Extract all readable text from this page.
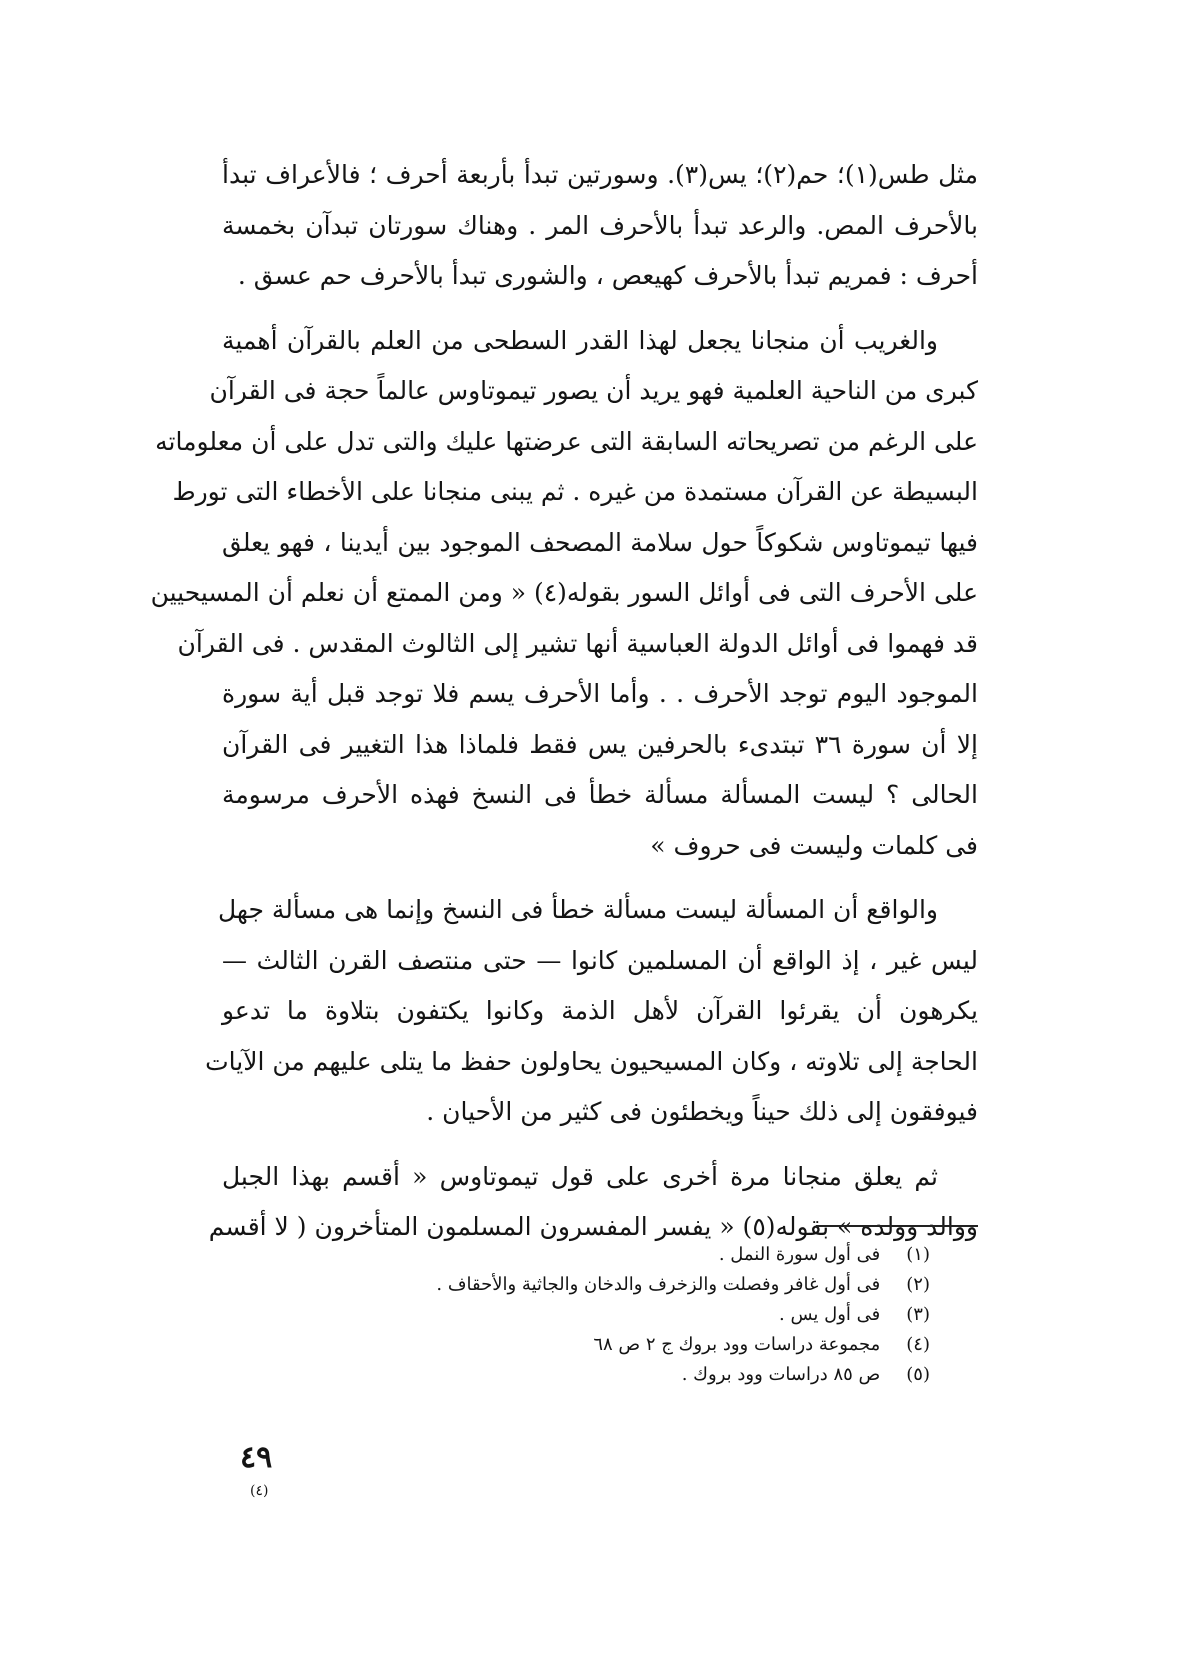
مثل طس(١)؛ حم(٢)؛ يس(٣). وسورتين تبدأ بأربعة أحرف ؛ فالأعراف تبدأ
بالأحرف المص. والرعد تبدأ بالأحرف المر . وهناك سورتان تبدآن بخمسة
أحرف : فمريم تبدأ بالأحرف كهيعص ، والشورى تبدأ بالأحرف حم عسق .
والغريب أن منجانا يجعل لهذا القدر السطحى من العلم بالقرآن أهمية
كبرى من الناحية العلمية فهو يريد أن يصور تيموتاوس عالماً حجة فى القرآن
على الرغم من تصريحاته السابقة التى عرضتها عليك والتى تدل على أن معلوماته
البسيطة عن القرآن مستمدة من غيره . ثم يبنى منجانا على الأخطاء التى تورط
فيها تيموتاوس شكوكاً حول سلامة المصحف الموجود بين أيدينا ، فهو يعلق
على الأحرف التى فى أوائل السور بقوله(٤) « ومن الممتع أن نعلم أن المسيحيين
قد فهموا فى أوائل الدولة العباسية أنها تشير إلى الثالوث المقدس . فى القرآن
الموجود اليوم توجد الأحرف . . وأما الأحرف يسم فلا توجد قبل أية سورة
إلا أن سورة ٣٦ تبتدىء بالحرفين يس فقط فلماذا هذا التغيير فى القرآن
الحالى ؟ ليست المسألة مسألة خطأ فى النسخ فهذه الأحرف مرسومة
فى كلمات وليست فى حروف »
والواقع أن المسألة ليست مسألة خطأ فى النسخ وإنما هى مسألة جهل
ليس غير ، إذ الواقع أن المسلمين كانوا — حتى منتصف القرن الثالث —
يكرهون أن يقرئوا القرآن لأهل الذمة وكانوا يكتفون بتلاوة ما تدعو
الحاجة إلى تلاوته ، وكان المسيحيون يحاولون حفظ ما يتلى عليهم من الآيات
فيوفقون إلى ذلك حيناً ويخطئون فى كثير من الأحيان .
ثم يعلق منجانا مرة أخرى على قول تيموتاوس « أقسم بهذا الجبل
ووالد وولده » بقوله(٥) « يفسر المفسرون المسلمون المتأخرون ( لا أقسم
(١) فى أول سورة النمل .
(٢) فى أول غافر وفصلت والزخرف والدخان والجاثية والأحقاف .
(٣) فى أول يس .
(٤) مجموعة دراسات وود بروك ج ٢ ص ٦٨
(٥) ص ٨٥ دراسات وود بروك .
٤٩
(٤)
